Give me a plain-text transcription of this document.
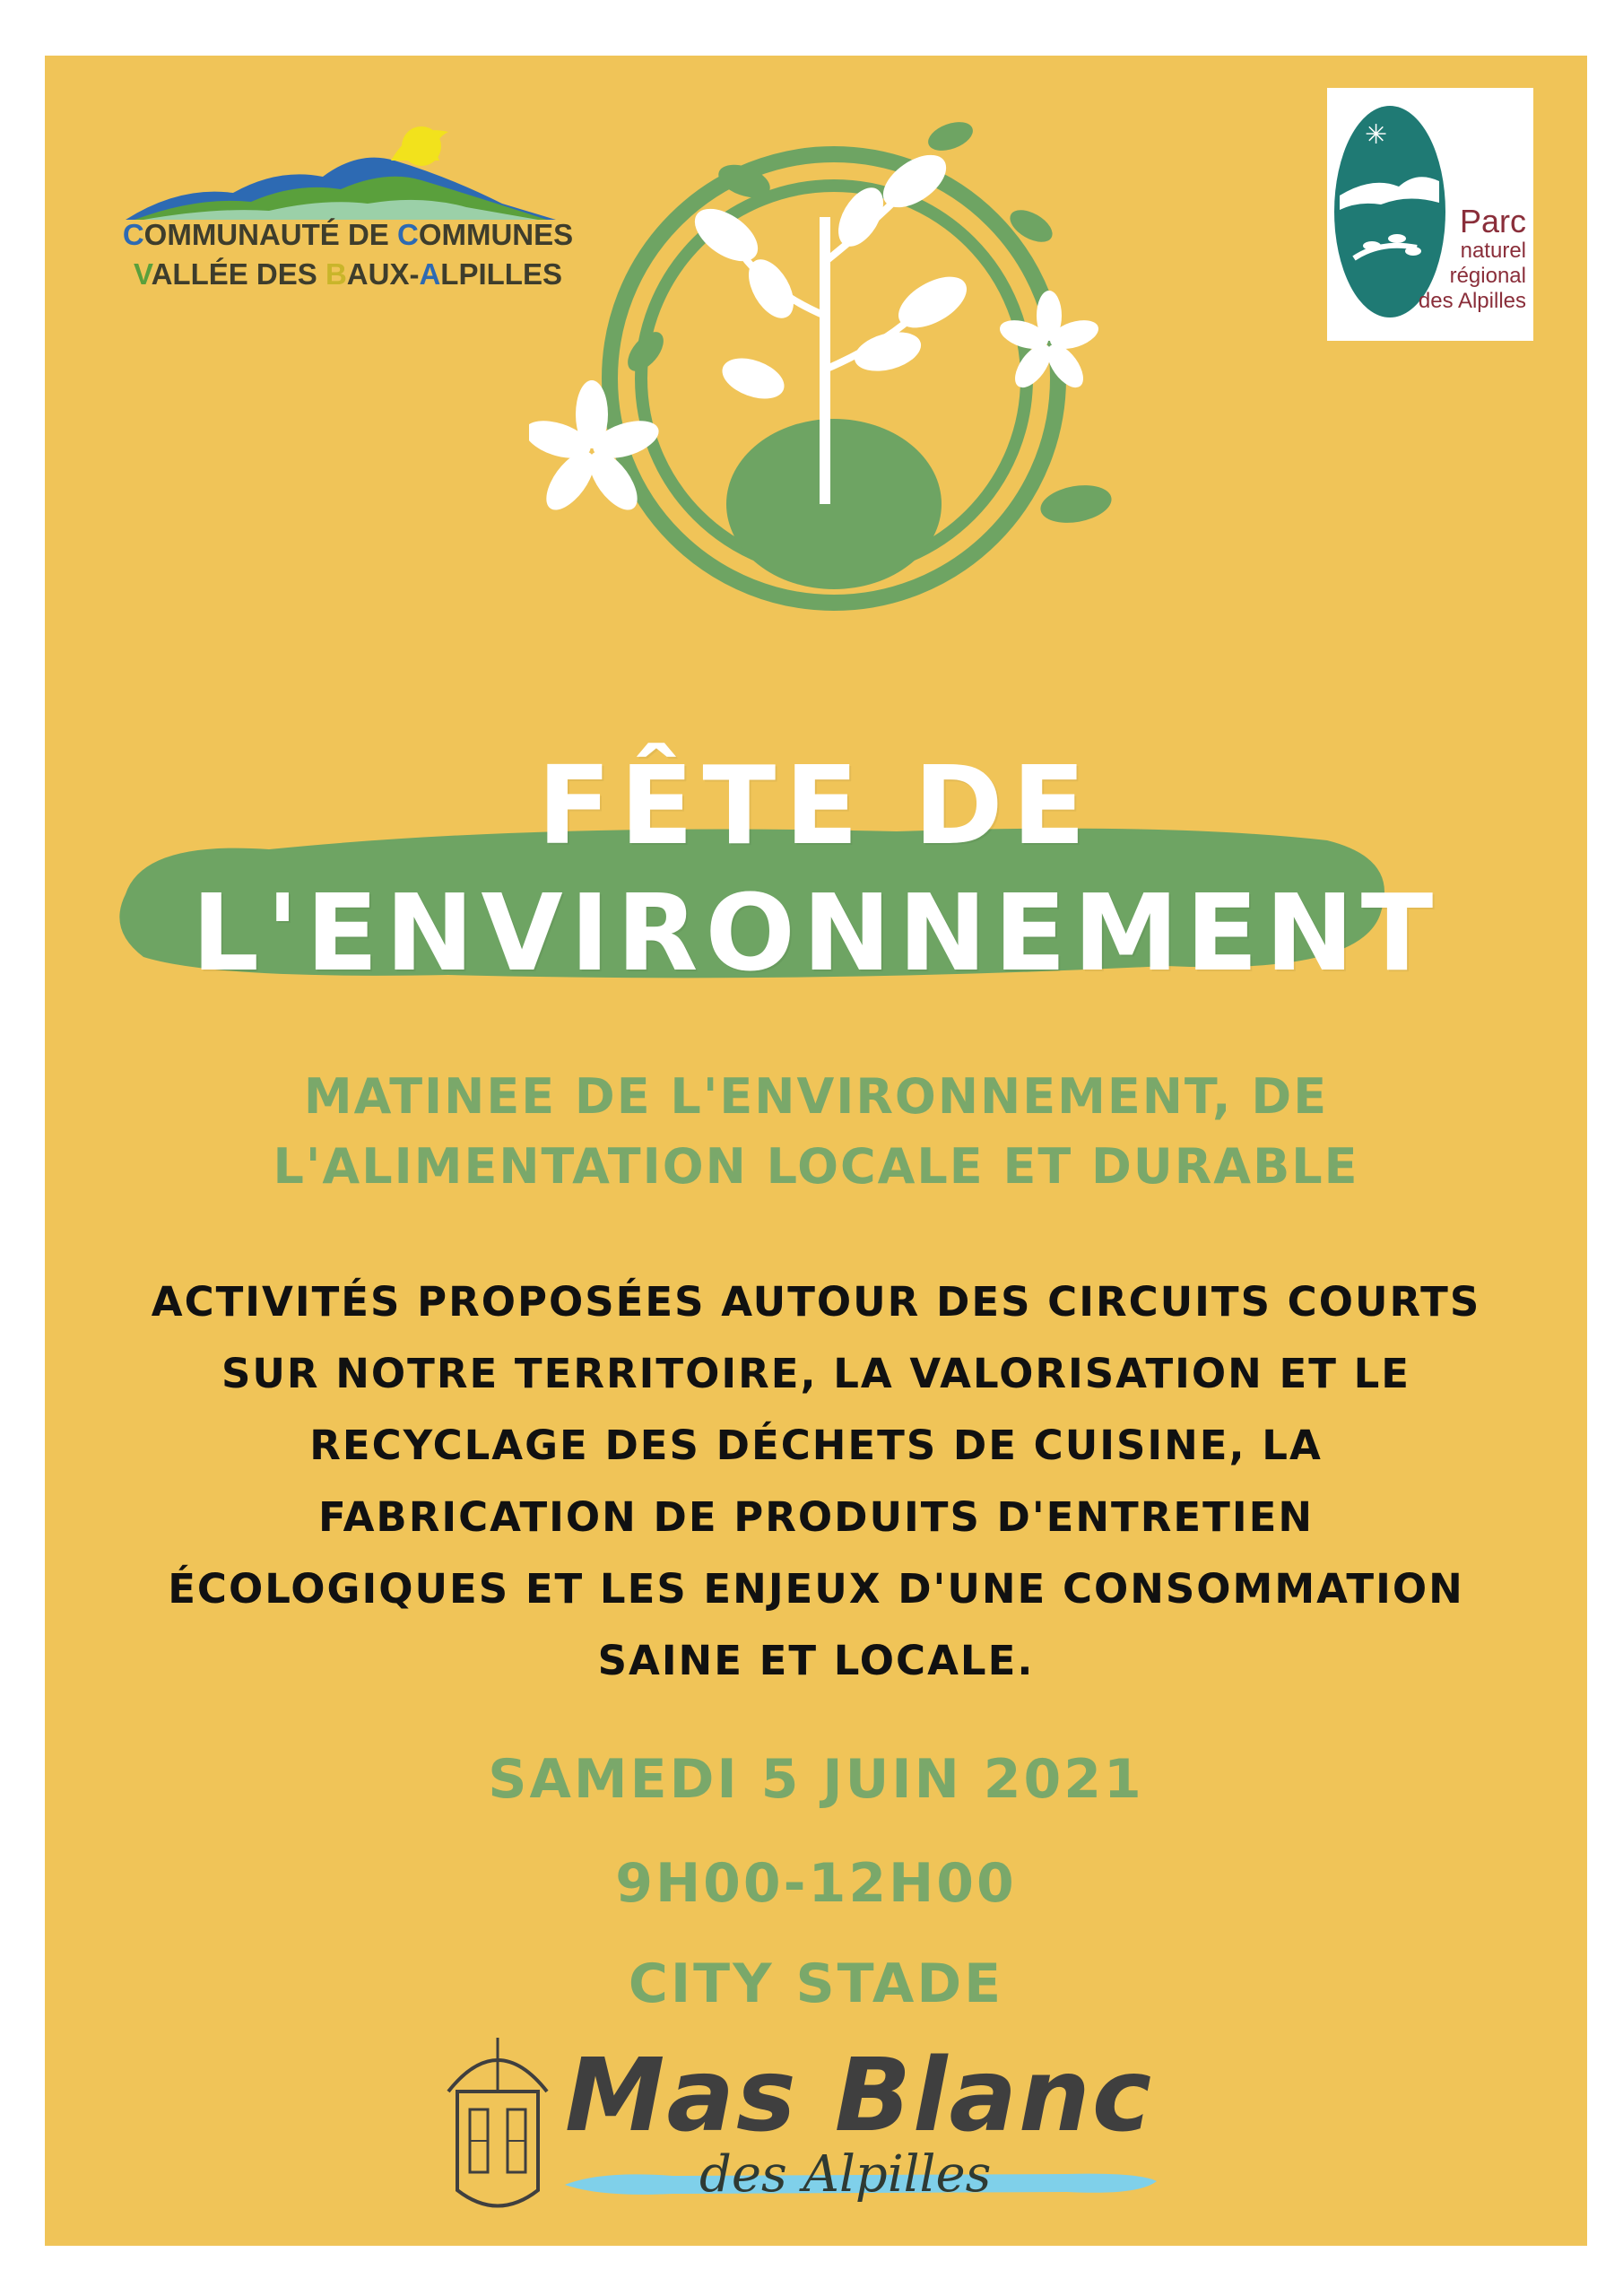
COMMUNAUTÉ DE COMMUNES
VALLÉE DES BAUX-ALPILLES
✳
Parc
naturel
régional
des Alpilles
FÊTE DE
L'ENVIRONNEMENT
MATINEE DE L'ENVIRONNEMENT, DE
L'ALIMENTATION LOCALE ET DURABLE
ACTIVITÉS PROPOSÉES AUTOUR DES CIRCUITS COURTS
SUR NOTRE TERRITOIRE, LA VALORISATION ET LE
RECYCLAGE DES DÉCHETS DE CUISINE, LA
FABRICATION DE PRODUITS D'ENTRETIEN
ÉCOLOGIQUES ET LES ENJEUX D'UNE CONSOMMATION
SAINE ET LOCALE.
SAMEDI 5 JUIN 2021
9H00-12H00
CITY STADE
Mas Blanc
des Alpilles
